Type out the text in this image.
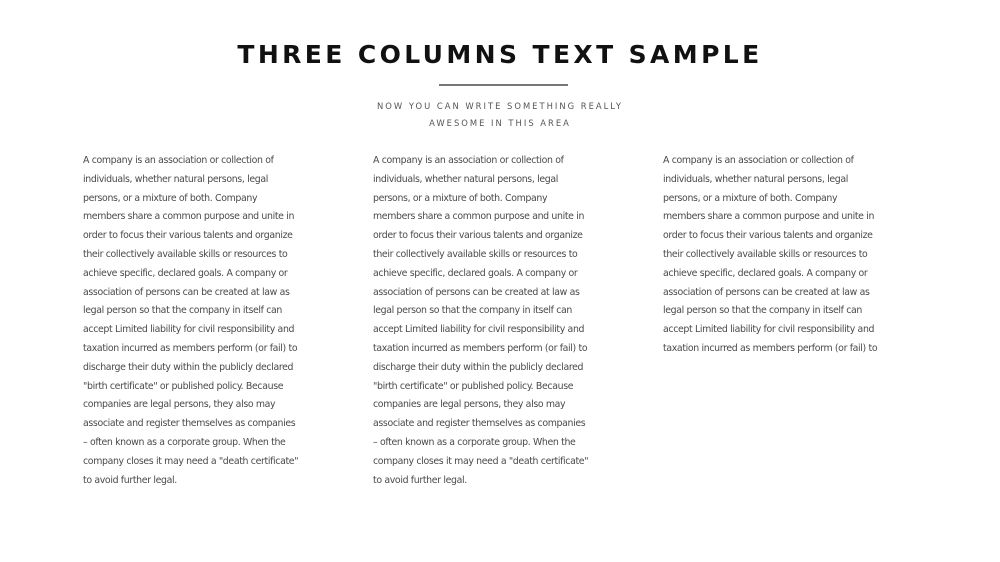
THREE COLUMNS TEXT SAMPLE

NOW YOU CAN WRITE SOMETHING REALLY
AWESOME IN THIS AREA

A company is an association or collection of
individuals, whether natural persons, legal
persons, or a mixture of both. Company
members share a common purpose and unite in
order to focus their various talents and organize
their collectively available skills or resources to
achieve specific, declared goals. A company or
association of persons can be created at law as
legal person so that the company in itself can
accept Limited liability for civil responsibility and
taxation incurred as members perform (or fail) to
discharge their duty within the publicly declared
"birth certificate" or published policy. Because
companies are legal persons, they also may
associate and register themselves as companies
– often known as a corporate group. When the
company closes it may need a "death certificate"
to avoid further legal.

A company is an association or collection of
individuals, whether natural persons, legal
persons, or a mixture of both. Company
members share a common purpose and unite in
order to focus their various talents and organize
their collectively available skills or resources to
achieve specific, declared goals. A company or
association of persons can be created at law as
legal person so that the company in itself can
accept Limited liability for civil responsibility and
taxation incurred as members perform (or fail) to
discharge their duty within the publicly declared
"birth certificate" or published policy. Because
companies are legal persons, they also may
associate and register themselves as companies
– often known as a corporate group. When the
company closes it may need a "death certificate"
to avoid further legal.

A company is an association or collection of
individuals, whether natural persons, legal
persons, or a mixture of both. Company
members share a common purpose and unite in
order to focus their various talents and organize
their collectively available skills or resources to
achieve specific, declared goals. A company or
association of persons can be created at law as
legal person so that the company in itself can
accept Limited liability for civil responsibility and
taxation incurred as members perform (or fail) to
